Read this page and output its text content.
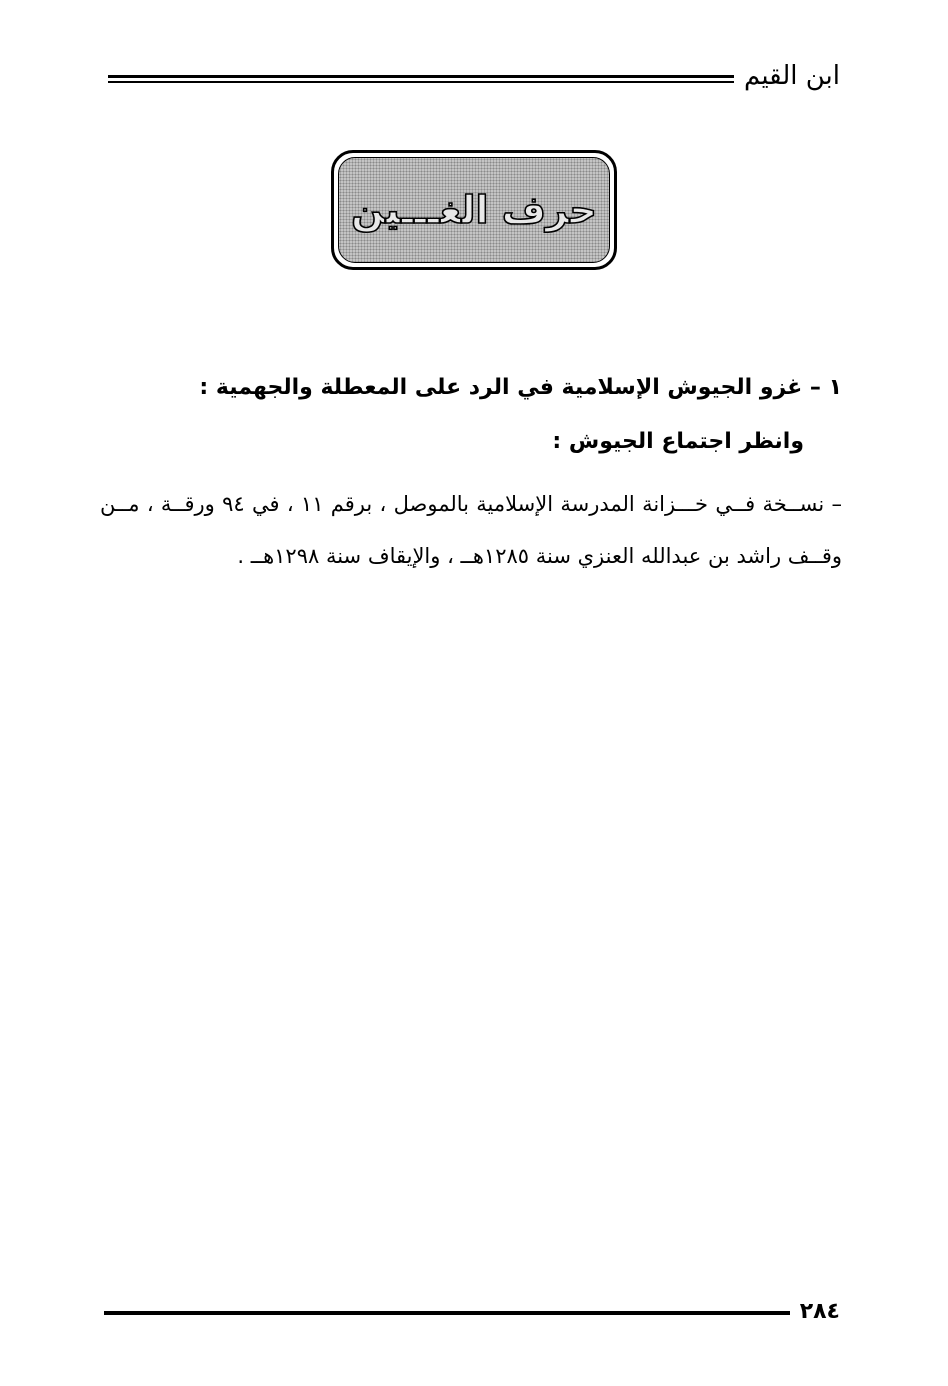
ابن القيم
حرف الغـــين

١ – غزو الجيوش الإسلامية في الرد على المعطلة والجهمية :

وانظر اجتماع الجيوش :

– نســخة فــي خـــزانة المدرسة الإسلامية بالموصل ، برقم ١١ ، في ٩٤ ورقــة ، مــن وقــف راشد بن عبدالله العنزي سنة ١٢٨٥هــ ، والإيقاف سنة ١٢٩٨هــ .

٢٨٤
